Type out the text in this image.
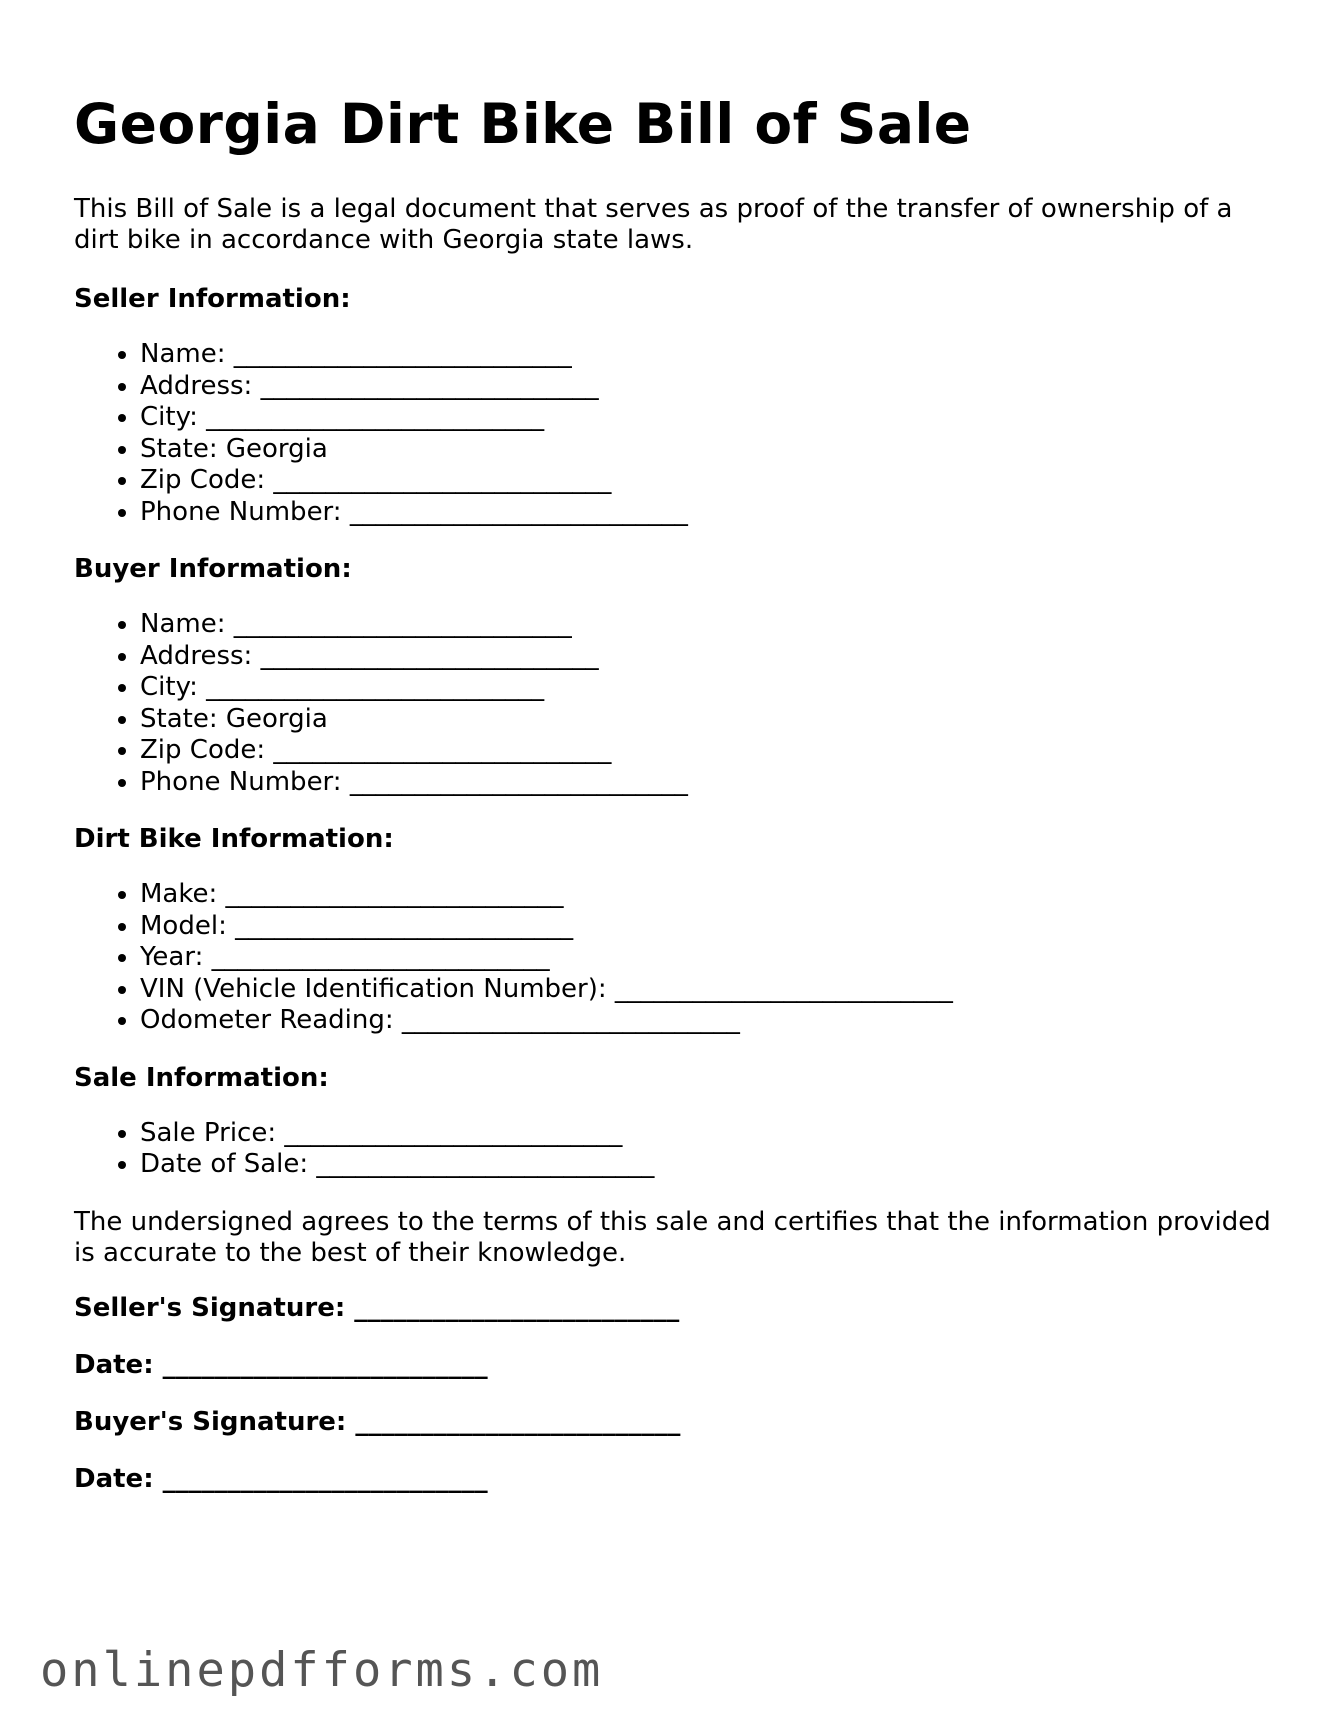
Georgia Dirt Bike Bill of Sale

This Bill of Sale is a legal document that serves as proof of the transfer of ownership of a dirt bike in accordance with Georgia state laws.

Seller Information:
• Name: __________________________
• Address: __________________________
• City: __________________________
• State: Georgia
• Zip Code: __________________________
• Phone Number: __________________________
Buyer Information:
• Name: __________________________
• Address: __________________________
• City: __________________________
• State: Georgia
• Zip Code: __________________________
• Phone Number: __________________________
Dirt Bike Information:
• Make: __________________________
• Model: __________________________
• Year: __________________________
• VIN (Vehicle Identification Number): __________________________
• Odometer Reading: __________________________
Sale Information:
• Sale Price: __________________________
• Date of Sale: __________________________

The undersigned agrees to the terms of this sale and certifies that the information provided is accurate to the best of their knowledge.

Seller's Signature: _________________________
Date: _________________________
Buyer's Signature: _________________________
Date: _________________________
onlinepdfforms.com
